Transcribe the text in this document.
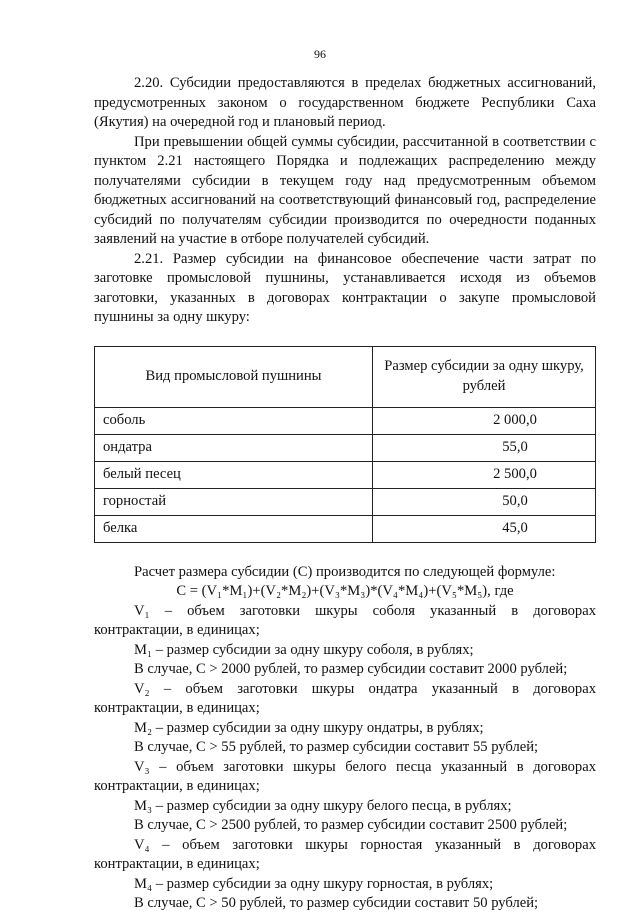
96

2.20. Субсидии предоставляются в пределах бюджетных ассигнований, предусмотренных законом о государственном бюджете Республики Саха (Якутия) на очередной год и плановый период.

При превышении общей суммы субсидии, рассчитанной в соответствии с пунктом 2.21 настоящего Порядка и подлежащих распределению между получателями субсидии в текущем году над предусмотренным объемом бюджетных ассигнований на соответствующий финансовый год, распределение субсидий по получателям субсидии производится по очередности поданных заявлений на участие в отборе получателей субсидий.

2.21. Размер субсидии на финансовое обеспечение части затрат по заготовке промысловой пушнины, устанавливается исходя из объемов заготовки, указанных в договорах контрактации о закупе промысловой пушнины за одну шкуру:

Вид промысловой пушнины	Размер субсидии за одну шкуру, рублей
соболь	2 000,0
ондатра	55,0
белый песец	2 500,0
горностай	50,0
белка	45,0

Расчет размера субсидии (С) производится по следующей формуле:

C = (V₁*M₁)+(V₂*M₂)+(V₃*M₃)*(V₄*M₄)+(V₅*M₅), где

V₁ – объем заготовки шкуры соболя указанный в договорах контрактации, в единицах;

M₁ – размер субсидии за одну шкуру соболя, в рублях;

В случае, С > 2000 рублей, то размер субсидии составит 2000 рублей;

V₂ – объем заготовки шкуры ондатра указанный в договорах контрактации, в единицах;

M₂ – размер субсидии за одну шкуру ондатры, в рублях;

В случае, С > 55 рублей, то размер субсидии составит 55 рублей;

V₃ – объем заготовки шкуры белого песца указанный в договорах контрактации, в единицах;

M₃ – размер субсидии за одну шкуру белого песца, в рублях;

В случае, С > 2500 рублей, то размер субсидии составит 2500 рублей;

V₄ – объем заготовки шкуры горностая указанный в договорах контрактации, в единицах;

M₄ – размер субсидии за одну шкуру горностая, в рублях;

В случае, С > 50 рублей, то размер субсидии составит 50 рублей;
